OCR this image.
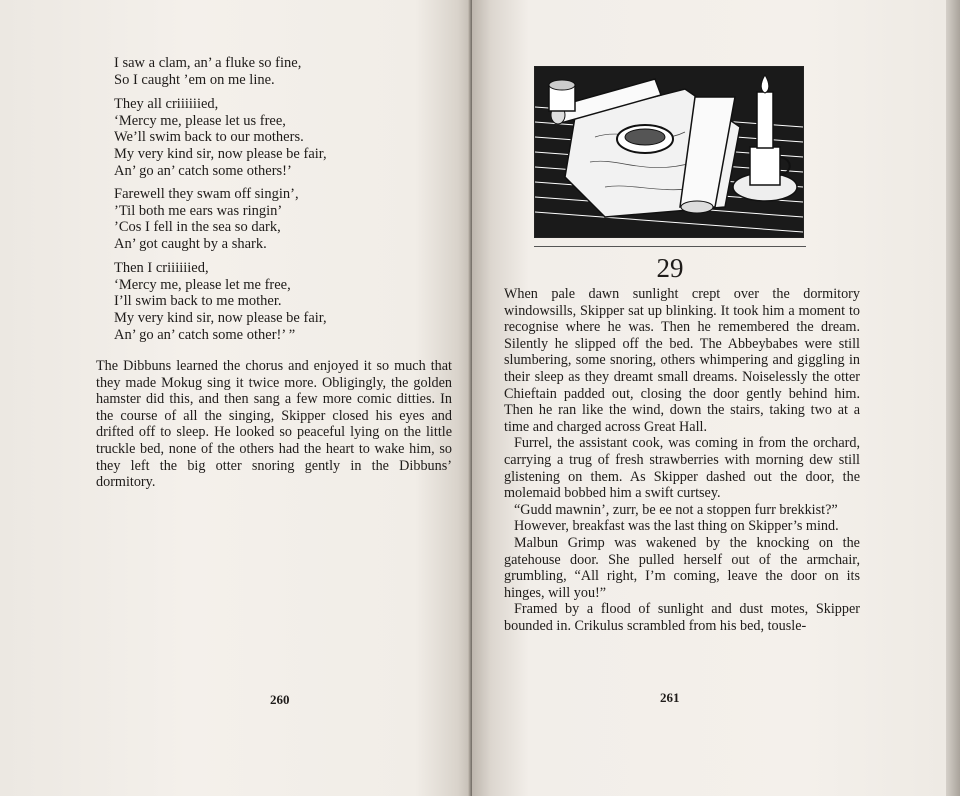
I saw a clam, an’ a fluke so fine,
So I caught ’em on me line.
They all criiiiiied,
‘Mercy me, please let us free,
We’ll swim back to our mothers.
My very kind sir, now please be fair,
An’ go an’ catch some others!’
Farewell they swam off singin’,
’Til both me ears was ringin’
’Cos I fell in the sea so dark,
An’ got caught by a shark.
Then I criiiiiied,
‘Mercy me, please let me free,
I’ll swim back to me mother.
My very kind sir, now please be fair,
An’ go an’ catch some other!’ ”

The Dibbuns learned the chorus and enjoyed it so much that they made Mokug sing it twice more. Obligingly, the golden hamster did this, and then sang a few more comic ditties. In the course of all the singing, Skipper closed his eyes and drifted off to sleep. He looked so peaceful lying on the little truckle bed, none of the others had the heart to wake him, so they left the big otter snoring gently in the Dibbuns’ dormitory.

260

When pale dawn sunlight crept over the dormitory windowsills, Skipper sat up blinking. It took him a moment to recognise where he was. Then he remembered the dream. Silently he slipped off the bed. The Abbeybabes were still slumbering, some snoring, others whimpering and giggling in their sleep as they dreamt small dreams. Noiselessly the otter Chieftain padded out, closing the door gently behind him. Then he ran like the wind, down the stairs, taking two at a time and charged across Great Hall.

Furrel, the assistant cook, was coming in from the orchard, carrying a trug of fresh strawberries with morning dew still glistening on them. As Skipper dashed out the door, the molemaid bobbed him a swift curtsey.

“Gudd mawnin’, zurr, be ee not a stoppen furr brekkist?”

However, breakfast was the last thing on Skipper’s mind.

Malbun Grimp was wakened by the knocking on the gatehouse door. She pulled herself out of the armchair, grumbling, “All right, I’m coming, leave the door on its hinges, will you!”

Framed by a flood of sunlight and dust motes, Skipper bounded in. Crikulus scrambled from his bed, tousle-

261
29
